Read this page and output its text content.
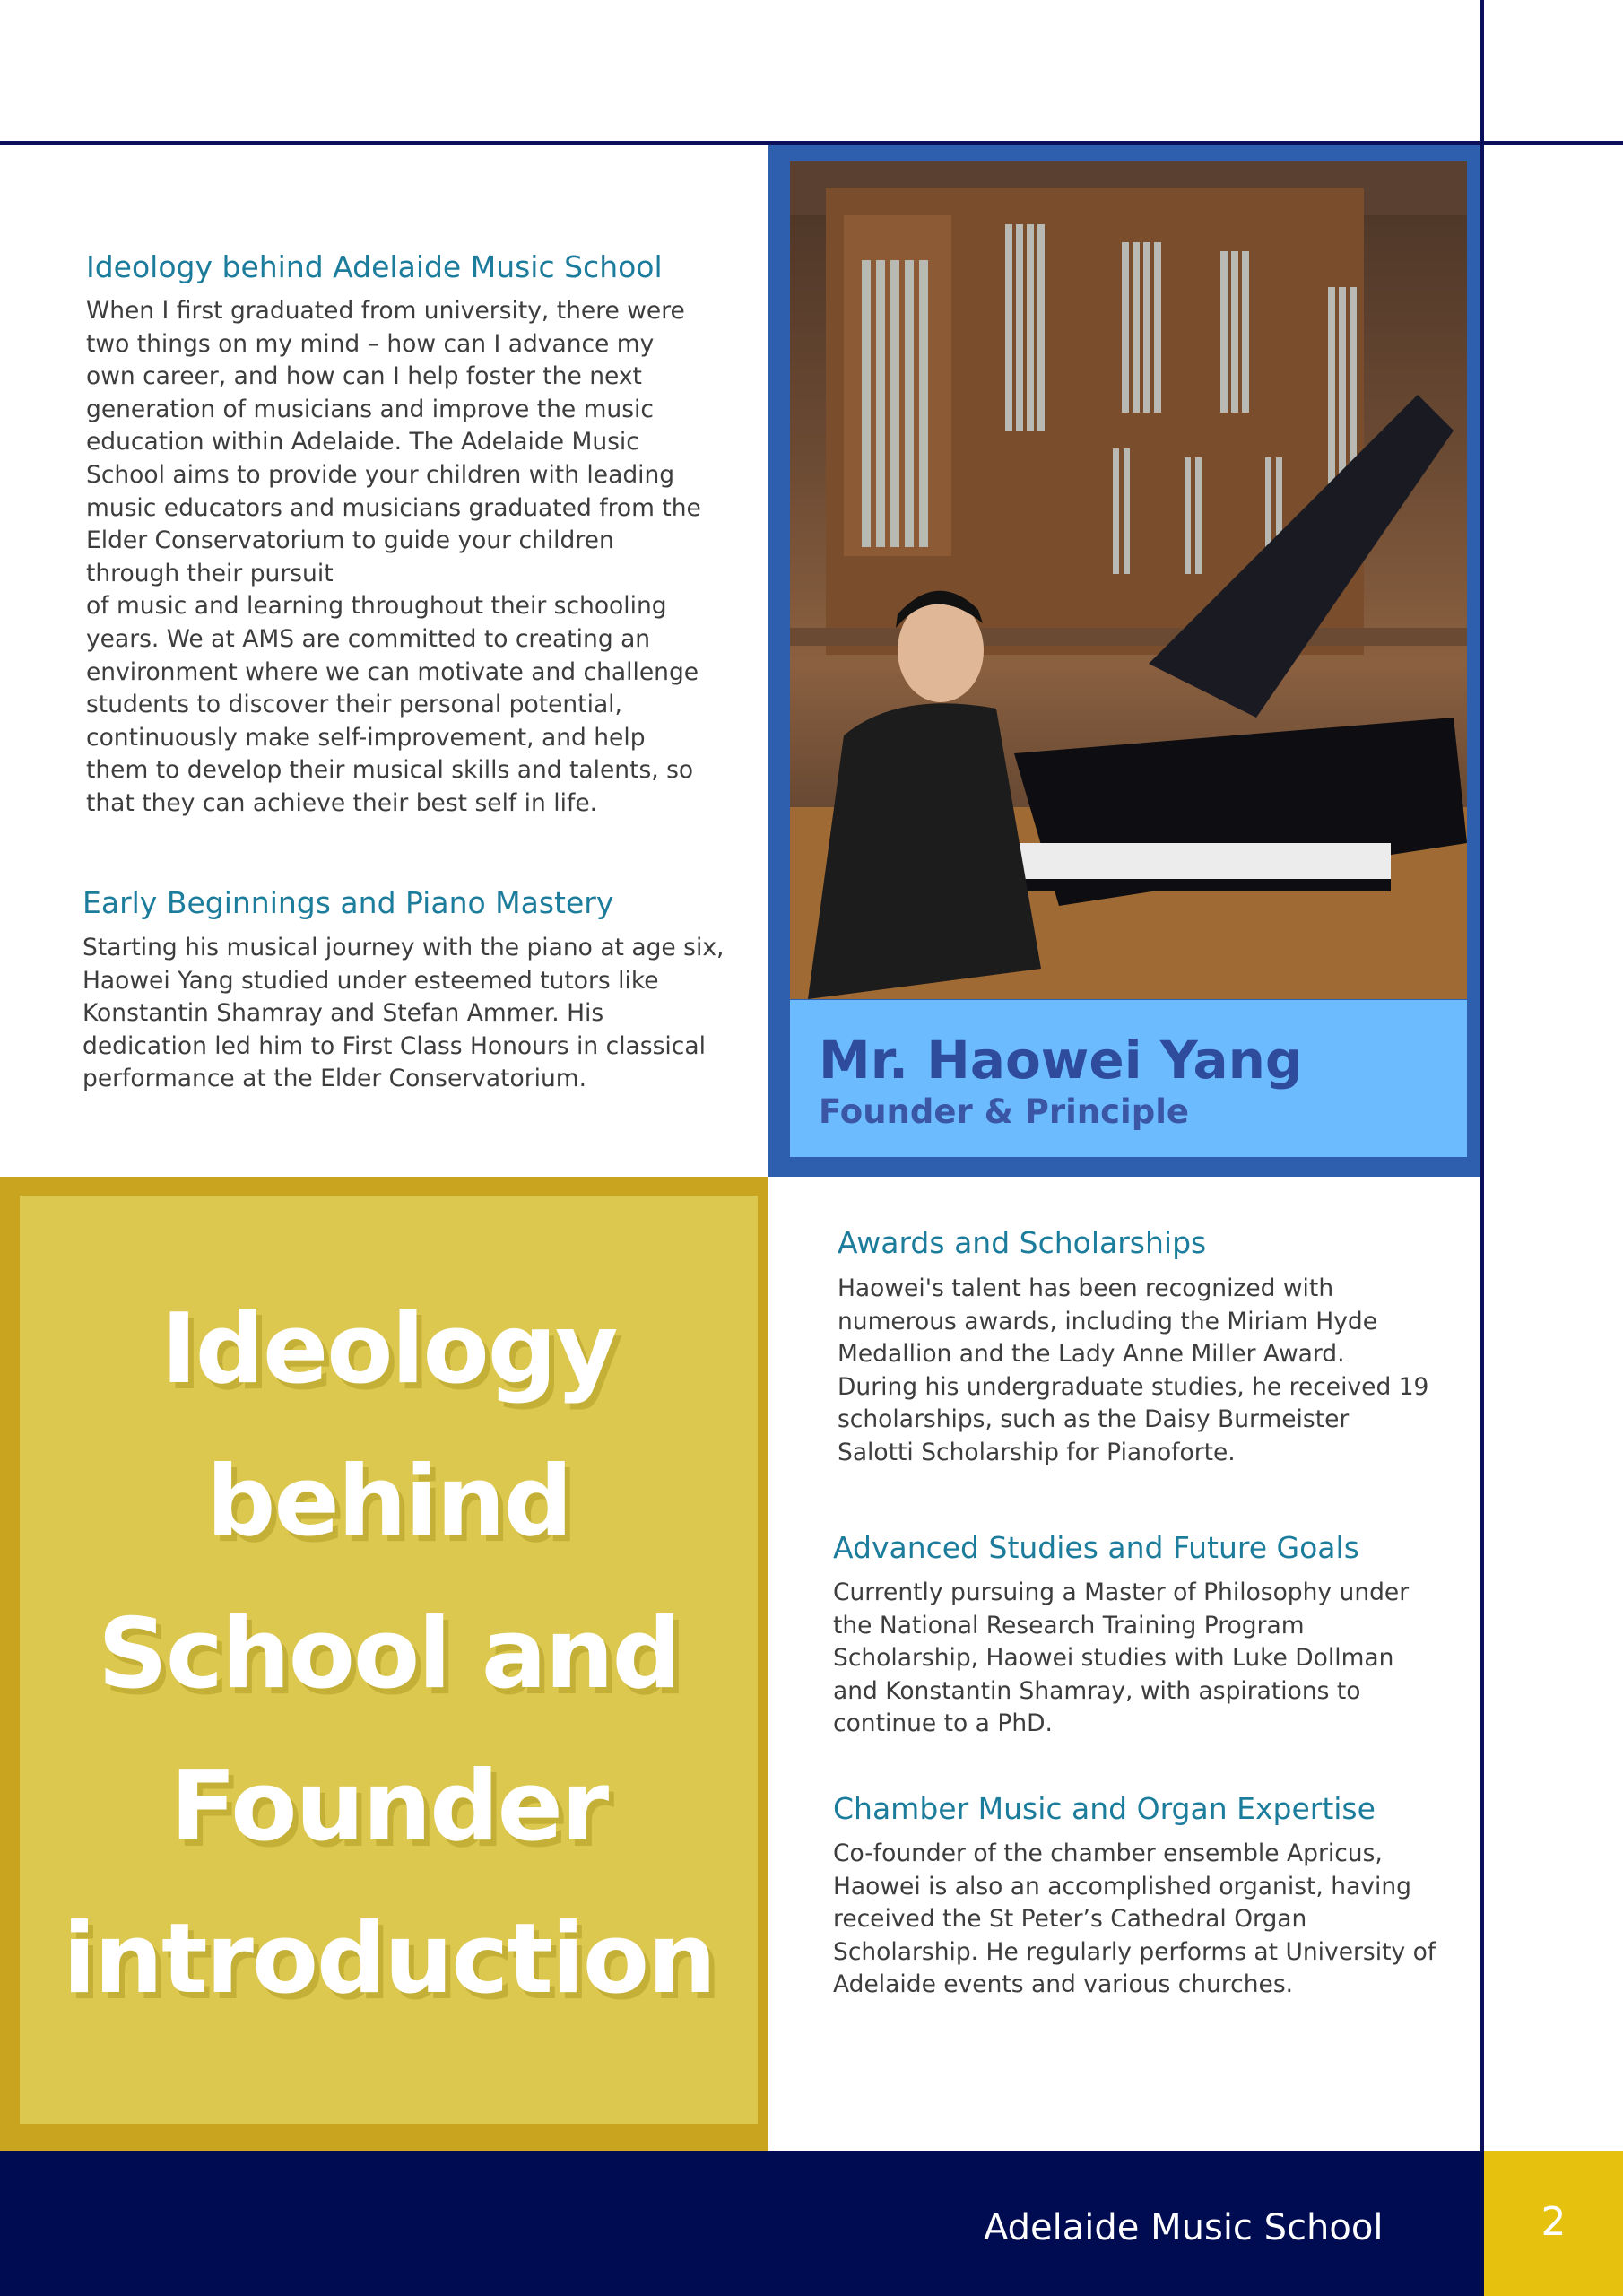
Ideology behind Adelaide Music School
When I first graduated from university, there were
two things on my mind – how can I advance my
own career, and how can I help foster the next
generation of musicians and improve the music
education within Adelaide. The Adelaide Music
School aims to provide your children with leading
music educators and musicians graduated from the
Elder Conservatorium to guide your children
through their pursuit
of music and learning throughout their schooling
years. We at AMS are committed to creating an
environment where we can motivate and challenge
students to discover their personal potential,
continuously make self-improvement, and help
them to develop their musical skills and talents, so
that they can achieve their best self in life.
Early Beginnings and Piano Mastery
Starting his musical journey with the piano at age six,
Haowei Yang studied under esteemed tutors like
Konstantin Shamray and Stefan Ammer. His
dedication led him to First Class Honours in classical
performance at the Elder Conservatorium.	Mr. Haowei Yang
Founder & Principle
Ideology
behind
School and
Founder
introduction
Awards and Scholarships
Haowei's talent has been recognized with
numerous awards, including the Miriam Hyde
Medallion and the Lady Anne Miller Award.
During his undergraduate studies, he received 19
scholarships, such as the Daisy Burmeister
Salotti Scholarship for Pianoforte.
Advanced Studies and Future Goals
Currently pursuing a Master of Philosophy under
the National Research Training Program
Scholarship, Haowei studies with Luke Dollman
and Konstantin Shamray, with aspirations to
continue to a PhD.
Chamber Music and Organ Expertise
Co-founder of the chamber ensemble Apricus,
Haowei is also an accomplished organist, having
received the St Peter’s Cathedral Organ
Scholarship. He regularly performs at University of
Adelaide events and various churches.
Adelaide Music School	2
